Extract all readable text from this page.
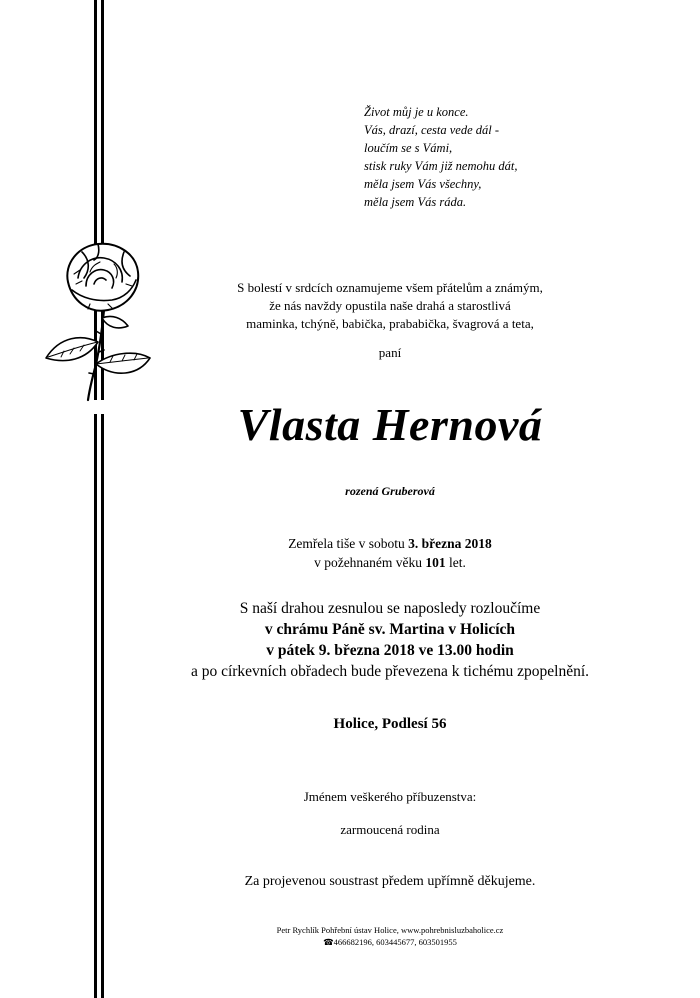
Život můj je u konce.
Vás, drazí, cesta vede dál -
loučím se s Vámi,
stisk ruky Vám již nemohu dát,
měla jsem Vás všechny,
měla jsem Vás ráda.
S bolestí v srdcích oznamujeme všem přátelům a známým,
že nás navždy opustila naše drahá a starostlivá
maminka, tchýně, babička, prababička, švagrová a teta,
paní
Vlasta Hernová
rozená Gruberová
Zemřela tiše v sobotu 3. března 2018
v požehnaném věku 101 let.
S naší drahou zesnulou se naposledy rozloučíme
v chrámu Páně sv. Martina v Holicích
v pátek 9. března 2018 ve 13.00 hodin
a po církevních obřadech bude převezena k tichému zpopelnění.
Holice, Podlesí 56
Jménem veškerého příbuzenstva:
zarmoucená rodina
Za projevenou soustrast předem upřímně děkujeme.
Petr Rychlík Pohřební ústav Holice, www.pohrebnisluzbaholice.cz
☎466682196, 603445677, 603501955
